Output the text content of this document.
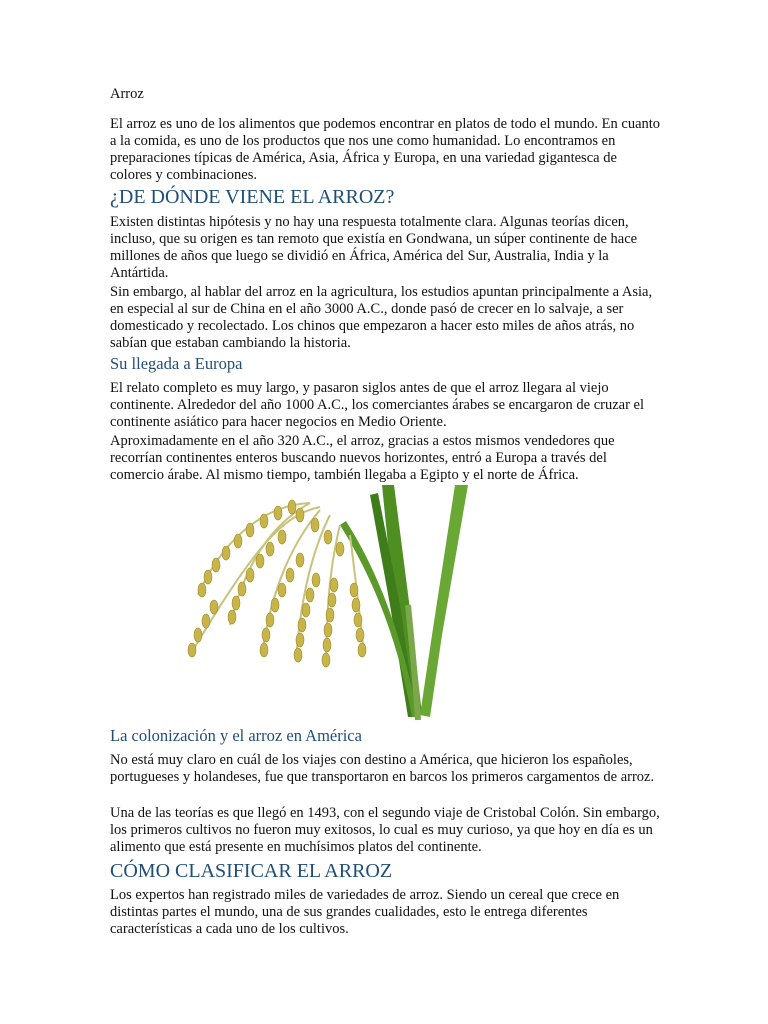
Arroz

El arroz es uno de los alimentos que podemos encontrar en platos de todo el mundo. En cuanto a la comida, es uno de los productos que nos une como humanidad. Lo encontramos en preparaciones típicas de América, Asia, África y Europa, en una variedad gigantesca de colores y combinaciones.

¿DE DÓNDE VIENE EL ARROZ?

Existen distintas hipótesis y no hay una respuesta totalmente clara. Algunas teorías dicen, incluso, que su origen es tan remoto que existía en Gondwana, un súper continente de hace millones de años que luego se dividió en África, América del Sur, Australia, India y la Antártida.

Sin embargo, al hablar del arroz en la agricultura, los estudios apuntan principalmente a Asia, en especial al sur de China en el año 3000 A.C., donde pasó de crecer en lo salvaje, a ser domesticado y recolectado. Los chinos que empezaron a hacer esto miles de años atrás, no sabían que estaban cambiando la historia.

Su llegada a Europa

El relato completo es muy largo, y pasaron siglos antes de que el arroz llegara al viejo continente. Alrededor del año 1000 A.C., los comerciantes árabes se encargaron de cruzar el continente asiático para hacer negocios en Medio Oriente.

Aproximadamente en el año 320 A.C., el arroz, gracias a estos mismos vendedores que recorrían continentes enteros buscando nuevos horizontes, entró a Europa a través del comercio árabe. Al mismo tiempo, también llegaba a Egipto y el norte de África.

La colonización y el arroz en América

No está muy claro en cuál de los viajes con destino a América, que hicieron los españoles, portugueses y holandeses, fue que transportaron en barcos los primeros cargamentos de arroz.

Una de las teorías es que llegó en 1493, con el segundo viaje de Cristobal Colón. Sin embargo, los primeros cultivos no fueron muy exitosos, lo cual es muy curioso, ya que hoy en día es un alimento que está presente en muchísimos platos del continente.

CÓMO CLASIFICAR EL ARROZ

Los expertos han registrado miles de variedades de arroz. Siendo un cereal que crece en distintas partes el mundo, una de sus grandes cualidades, esto le entrega diferentes características a cada uno de los cultivos.
